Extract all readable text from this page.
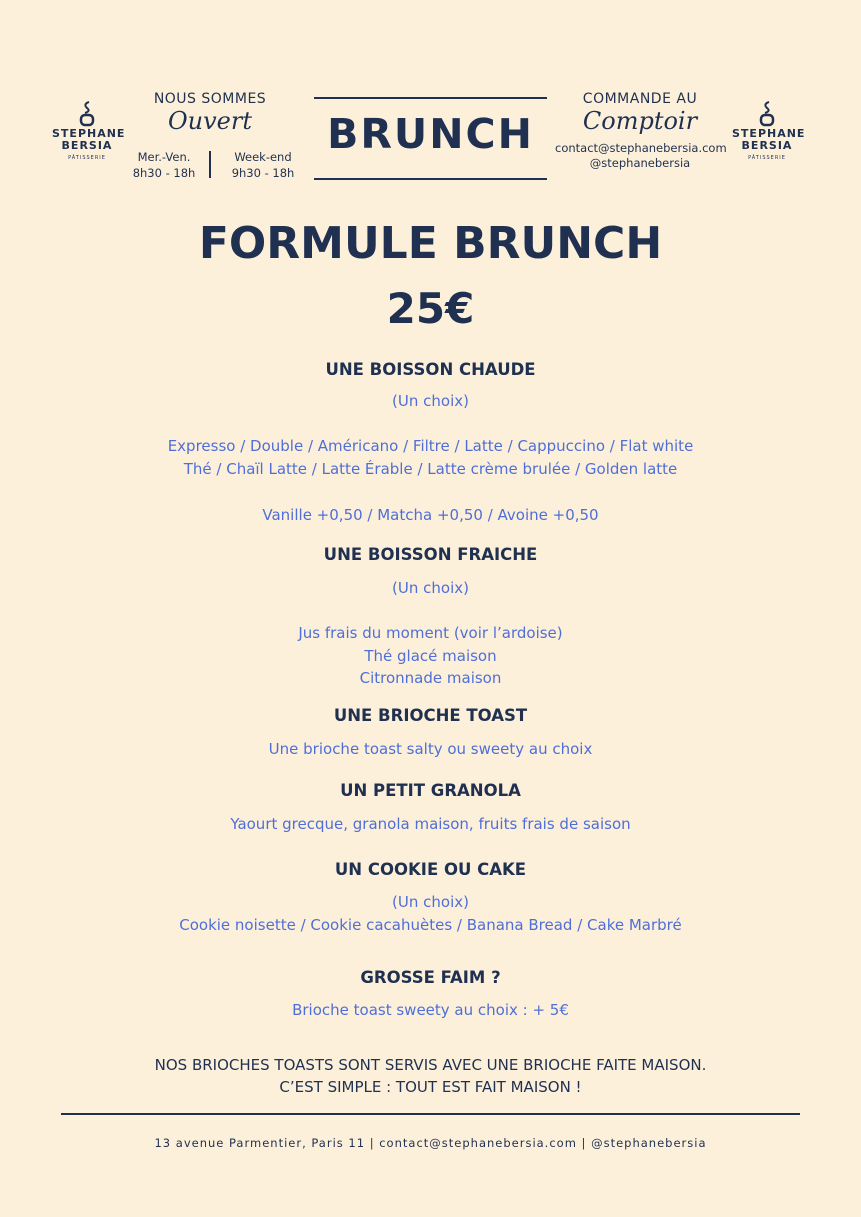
STEPHANE
BERSIA
PÂTISSERIE
NOUS SOMMES
Ouvert
Mer.-Ven.
8h30 - 18h
Week-end
9h30 - 18h
BRUNCH
COMMANDE AU
Comptoir
contact@stephanebersia.com
@stephanebersia
STEPHANE
BERSIA
PÂTISSERIE
FORMULE BRUNCH
25€
UNE BOISSON CHAUDE
(Un choix)
Expresso / Double / Américano / Filtre / Latte / Cappuccino / Flat white
Thé / Chaïl Latte / Latte Érable / Latte crème brulée / Golden latte
Vanille +0,50 / Matcha +0,50 / Avoine +0,50
UNE BOISSON FRAICHE
(Un choix)
Jus frais du moment (voir l’ardoise)
Thé glacé maison
Citronnade maison
UNE BRIOCHE TOAST
Une brioche toast salty ou sweety au choix
UN PETIT GRANOLA
Yaourt grecque, granola maison, fruits frais de saison
UN COOKIE OU CAKE
(Un choix)
Cookie noisette / Cookie cacahuètes / Banana Bread / Cake Marbré
GROSSE FAIM ?
Brioche toast sweety au choix : + 5€
NOS BRIOCHES TOASTS SONT SERVIS AVEC UNE BRIOCHE FAITE MAISON.
C’EST SIMPLE : TOUT EST FAIT MAISON !
13 avenue Parmentier, Paris 11 | contact@stephanebersia.com | @stephanebersia
